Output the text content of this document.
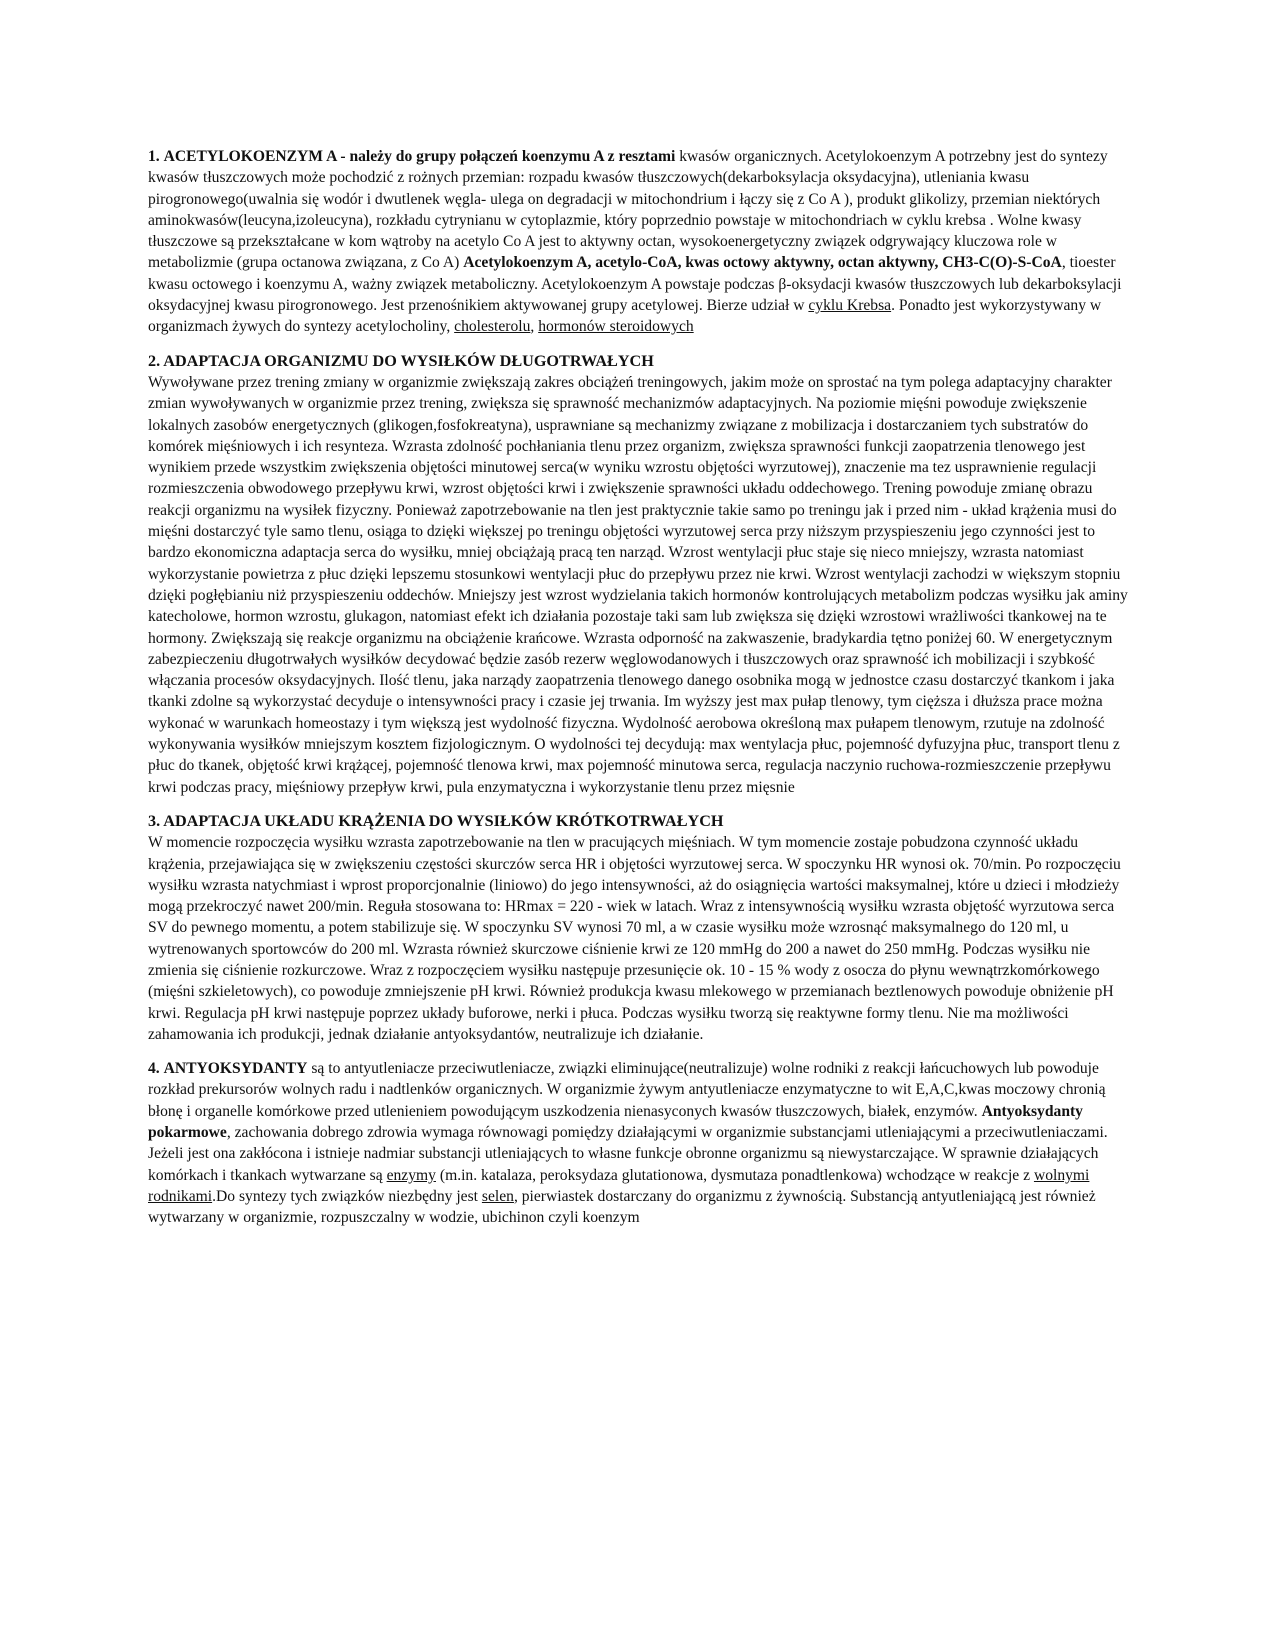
1. ACETYLOKOENZYM A - należy do grupy połączeń koenzymu A z resztami kwasów organicznych. Acetylokoenzym A potrzebny jest do syntezy kwasów tłuszczowych może pochodzić z rożnych przemian: rozpadu kwasów tłuszczowych(dekarboksylacja oksydacyjna), utleniania kwasu pirogronowego(uwalnia się wodór i dwutlenek węgla- ulega on degradacji w mitochondrium i łączy się z Co A ), produkt glikolizy, przemian niektórych aminokwasów(leucyna,izoleucyna), rozkładu cytrynianu w cytoplazmie, który poprzednio powstaje w mitochondriach w cyklu krebsa . Wolne kwasy tłuszczowe są przekształcane w kom wątroby na acetylo Co A jest to aktywny octan, wysokoenergetyczny związek odgrywający kluczowa role w metabolizmie (grupa octanowa związana, z Co A) Acetylokoenzym A, acetylo-CoA, kwas octowy aktywny, octan aktywny, CH3-C(O)-S-CoA, tioester kwasu octowego i koenzymu A, ważny związek metaboliczny. Acetylokoenzym A powstaje podczas β-oksydacji kwasów tłuszczowych lub dekarboksylacji oksydacyjnej kwasu pirogronowego. Jest przenośnikiem aktywowanej grupy acetylowej. Bierze udział w cyklu Krebsa. Ponadto jest wykorzystywany w organizmach żywych do syntezy acetylocholiny, cholesterolu, hormonów steroidowych

2. ADAPTACJA ORGANIZMU DO WYSIŁKÓW DŁUGOTRWAŁYCH

Wywoływane przez trening zmiany w organizmie zwiększają zakres obciążeń treningowych, jakim może on sprostać na tym polega adaptacyjny charakter zmian wywoływanych w organizmie przez trening, zwiększa się sprawność mechanizmów adaptacyjnych. Na poziomie mięśni powoduje zwiększenie lokalnych zasobów energetycznych (glikogen,fosfokreatyna), usprawniane są mechanizmy związane z mobilizacja i dostarczaniem tych substratów do komórek mięśniowych i ich resynteza. Wzrasta zdolność pochłaniania tlenu przez organizm, zwiększa sprawności funkcji zaopatrzenia tlenowego jest wynikiem przede wszystkim zwiększenia objętości minutowej serca(w wyniku wzrostu objętości wyrzutowej), znaczenie ma tez usprawnienie regulacji rozmieszczenia obwodowego przepływu krwi, wzrost objętości krwi i zwiększenie sprawności układu oddechowego. Trening powoduje zmianę obrazu reakcji organizmu na wysiłek fizyczny. Ponieważ zapotrzebowanie na tlen jest praktycznie takie samo po treningu jak i przed nim - układ krążenia musi do mięśni dostarczyć tyle samo tlenu, osiąga to dzięki większej po treningu objętości wyrzutowej serca przy niższym przyspieszeniu jego czynności jest to bardzo ekonomiczna adaptacja serca do wysiłku, mniej obciążają pracą ten narząd. Wzrost wentylacji płuc staje się nieco mniejszy, wzrasta natomiast wykorzystanie powietrza z płuc dzięki lepszemu stosunkowi wentylacji płuc do przepływu przez nie krwi. Wzrost wentylacji zachodzi w większym stopniu dzięki pogłębianiu niż przyspieszeniu oddechów. Mniejszy jest wzrost wydzielania takich hormonów kontrolujących metabolizm podczas wysiłku jak aminy katecholowe, hormon wzrostu, glukagon, natomiast efekt ich działania pozostaje taki sam lub zwiększa się dzięki wzrostowi wrażliwości tkankowej na te hormony. Zwiększają się reakcje organizmu na obciążenie krańcowe. Wzrasta odporność na zakwaszenie, bradykardia tętno poniżej 60. W energetycznym zabezpieczeniu długotrwałych wysiłków decydować będzie zasób rezerw węglowodanowych i tłuszczowych oraz sprawność ich mobilizacji i szybkość włączania procesów oksydacyjnych. Ilość tlenu, jaka narządy zaopatrzenia tlenowego danego osobnika mogą w jednostce czasu dostarczyć tkankom i jaka tkanki zdolne są wykorzystać decyduje o intensywności pracy i czasie jej trwania. Im wyższy jest max pułap tlenowy, tym cięższa i dłuższa prace można wykonać w warunkach homeostazy i tym większą jest wydolność fizyczna. Wydolność aerobowa określoną max pułapem tlenowym, rzutuje na zdolność wykonywania wysiłków mniejszym kosztem fizjologicznym. O wydolności tej decydują: max wentylacja płuc, pojemność dyfuzyjna płuc, transport tlenu z płuc do tkanek, objętość krwi krążącej, pojemność tlenowa krwi, max pojemność minutowa serca, regulacja naczynio ruchowa-rozmieszczenie przepływu krwi podczas pracy, mięśniowy przepływ krwi, pula enzymatyczna i wykorzystanie tlenu przez mięsnie

3. ADAPTACJA UKŁADU KRĄŻENIA DO WYSIŁKÓW KRÓTKOTRWAŁYCH

W momencie rozpoczęcia wysiłku wzrasta zapotrzebowanie na tlen w pracujących mięśniach. W tym momencie zostaje pobudzona czynność układu krążenia, przejawiająca się w zwiększeniu częstości skurczów serca HR i objętości wyrzutowej serca. W spoczynku HR wynosi ok. 70/min. Po rozpoczęciu wysiłku wzrasta natychmiast i wprost proporcjonalnie (liniowo) do jego intensywności, aż do osiągnięcia wartości maksymalnej, które u dzieci i młodzieży mogą przekroczyć nawet 200/min. Reguła stosowana to: HRmax = 220 - wiek w latach. Wraz z intensywnością wysiłku wzrasta objętość wyrzutowa serca SV do pewnego momentu, a potem stabilizuje się. W spoczynku SV wynosi 70 ml, a w czasie wysiłku może wzrosnąć maksymalnego do 120 ml, u wytrenowanych sportowców do 200 ml. Wzrasta również skurczowe ciśnienie krwi ze 120 mmHg do 200 a nawet do 250 mmHg. Podczas wysiłku nie zmienia się ciśnienie rozkurczowe. Wraz z rozpoczęciem wysiłku następuje przesunięcie ok. 10 - 15 % wody z osocza do płynu wewnątrzkomórkowego (mięśni szkieletowych), co powoduje zmniejszenie pH krwi. Również produkcja kwasu mlekowego w przemianach beztlenowych powoduje obniżenie pH krwi. Regulacja pH krwi następuje poprzez układy buforowe, nerki i płuca. Podczas wysiłku tworzą się reaktywne formy tlenu. Nie ma możliwości zahamowania ich produkcji, jednak działanie antyoksydantów, neutralizuje ich działanie.

4. ANTYOKSYDANTY są to antyutleniacze przeciwutleniacze, związki eliminujące(neutralizuje) wolne rodniki z reakcji łańcuchowych lub powoduje rozkład prekursorów wolnych radu i nadtlenków organicznych. W organizmie żywym antyutleniacze enzymatyczne to wit E,A,C,kwas moczowy chronią błonę i organelle komórkowe przed utlenieniem powodującym uszkodzenia nienasyconych kwasów tłuszczowych, białek, enzymów. Antyoksydanty pokarmowe, zachowania dobrego zdrowia wymaga równowagi pomiędzy działającymi w organizmie substancjami utleniającymi a przeciwutleniaczami. Jeżeli jest ona zakłócona i istnieje nadmiar substancji utleniających to własne funkcje obronne organizmu są niewystarczające. W sprawnie działających komórkach i tkankach wytwarzane są enzymy (m.in. katalaza, peroksydaza glutationowa, dysmutaza ponadtlenkowa) wchodzące w reakcje z wolnymi rodnikami.Do syntezy tych związków niezbędny jest selen, pierwiastek dostarczany do organizmu z żywnością. Substancją antyutleniającą jest również wytwarzany w organizmie, rozpuszczalny w wodzie, ubichinon czyli koenzym
